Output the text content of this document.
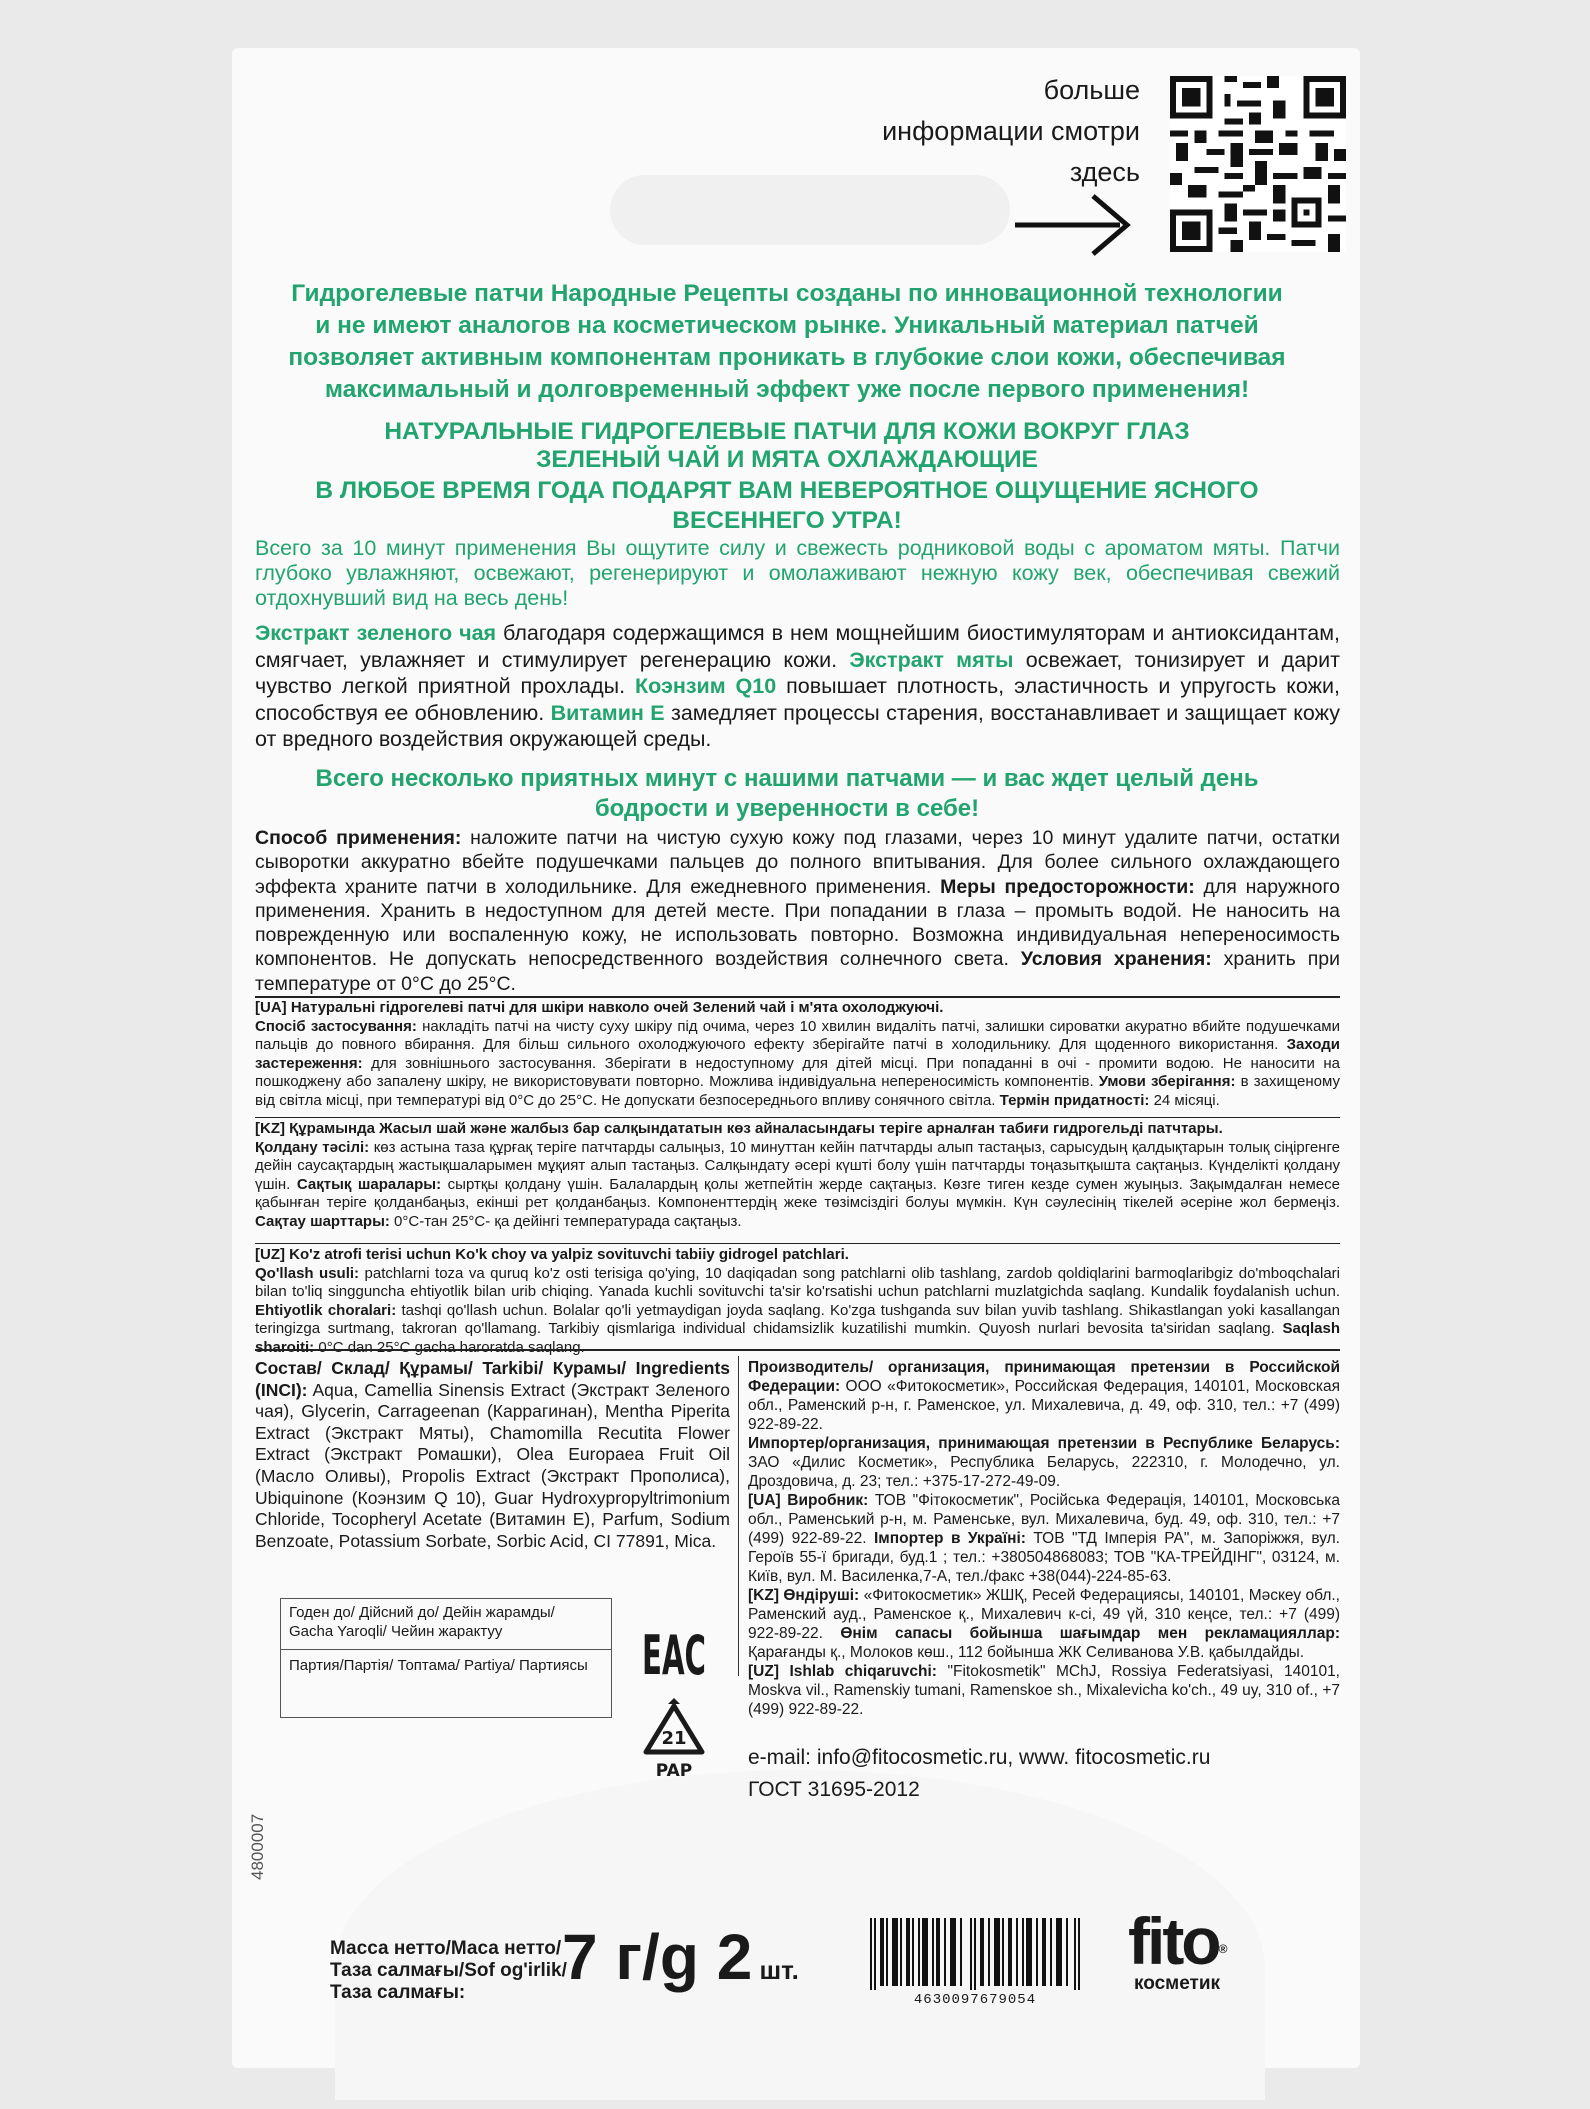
больше
информации смотри
здесь
Гидрогелевые патчи Народные Рецепты созданы по инновационной технологии
и не имеют аналогов на косметическом рынке. Уникальный материал патчей
позволяет активным компонентам проникать в глубокие слои кожи, обеспечивая
максимальный и долговременный эффект уже после первого применения!
НАТУРАЛЬНЫЕ ГИДРОГЕЛЕВЫЕ ПАТЧИ ДЛЯ КОЖИ ВОКРУГ ГЛАЗ
ЗЕЛЕНЫЙ ЧАЙ И МЯТА ОХЛАЖДАЮЩИЕ
В ЛЮБОЕ ВРЕМЯ ГОДА ПОДАРЯТ ВАМ НЕВЕРОЯТНОЕ ОЩУЩЕНИЕ ЯСНОГО
ВЕСЕННЕГО УТРА!
Всего за 10 минут применения Вы ощутите силу и свежесть родниковой воды с ароматом мяты. Патчи глубоко увлажняют, освежают, регенерируют и омолаживают нежную кожу век, обеспечивая свежий отдохнувший вид на весь день!
Экстракт зеленого чая благодаря содержащимся в нем мощнейшим биостимуляторам и антиоксидантам, смягчает, увлажняет и стимулирует регенерацию кожи. Экстракт мяты освежает, тонизирует и дарит чувство легкой приятной прохлады. Коэнзим Q10 повышает плотность, эластичность и упругость кожи, способствуя ее обновлению. Витамин Е замедляет процессы старения, восстанавливает и защищает кожу от вредного воздействия окружающей среды.
Всего несколько приятных минут с нашими патчами — и вас ждет целый день
бодрости и уверенности в себе!
Способ применения: наложите патчи на чистую сухую кожу под глазами, через 10 минут удалите патчи, остатки сыворотки аккуратно вбейте подушечками пальцев до полного впитывания. Для более сильного охлаждающего эффекта храните патчи в холодильнике. Для ежедневного применения. Меры предосторожности: для наружного применения. Хранить в недоступном для детей месте. При попадании в глаза – промыть водой. Не наносить на поврежденную или воспаленную кожу, не использовать повторно. Возможна индивидуальная непереносимость компонентов. Не допускать непосредственного воздействия солнечного света. Условия хранения: хранить при температуре от 0°С до 25°С.
[UA] Натуральні гідрогелеві патчі для шкіри навколо очей Зелений чай і м'ята охолоджуючі.
Спосіб застосування: накладіть патчі на чисту суху шкіру під очима, через 10 хвилин видаліть патчі, залишки сироватки акуратно вбийте подушечками пальців до повного вбирання. Для більш сильного охолоджуючого ефекту зберігайте патчі в холодильнику. Для щоденного використання. Заходи застереження: для зовнішнього застосування. Зберігати в недоступному для дітей місці. При попаданні в очі - промити водою. Не наносити на пошкоджену або запалену шкіру, не використовувати повторно. Можлива індивідуальна непереносимість компонентів. Умови зберігання: в захищеному від світла місці, при температурі від 0°С до 25°С. Не допускати безпосереднього впливу сонячного світла. Термін придатності: 24 місяці.
[KZ] Құрамында Жасыл шай және жалбыз бар салқындататын көз айналасындағы теріге арналған табиғи гидрогельді патчтары.
Қолдану тәсілі: көз астына таза құрғақ теріге патчтарды салыңыз, 10 минуттан кейін патчтарды алып тастаңыз, сарысудың қалдықтарын толық сіңіргенге дейін саусақтардың жастықшаларымен мұқият алып тастаңыз. Салқындату әсері күшті болу үшін патчтарды тоңазытқышта сақтаңыз. Күнделікті қолдану үшін. Сақтық шаралары: сыртқы қолдану үшін. Балалардың қолы жетпейтін жерде сақтаңыз. Көзге тиген кезде сумен жуыңыз. Зақымдалған немесе қабынған теріге қолданбаңыз, екінші рет қолданбаңыз. Компоненттердің жеке төзімсіздігі болуы мүмкін. Күн сәулесінің тікелей әсеріне жол бермеңіз. Сақтау шарттары: 0°С-тан 25°С- қа дейінгі температурада сақтаңыз.
[UZ] Ko'z atrofi terisi uchun Ko'k choy va yalpiz sovituvchi tabiiy gidrogel patchlari.
Qo'llash usuli: patchlarni toza va quruq ko'z osti terisiga qo'ying, 10 daqiqadan song patchlarni olib tashlang, zardob qoldiqlarini barmoqlaribgiz do'mboqchalari bilan to'liq singguncha ehtiyotlik bilan urib chiqing. Yanada kuchli sovituvchi ta'sir ko'rsatishi uchun patchlarni muzlatgichda saqlang. Kundalik foydalanish uchun. Ehtiyotlik choralari: tashqi qo'llash uchun. Bolalar qo'li yetmaydigan joyda saqlang. Ko'zga tushganda suv bilan yuvib tashlang. Shikastlangan yoki kasallangan teringizga surtmang, takroran qo'llamang. Tarkibiy qismlariga individual chidamsizlik kuzatilishi mumkin. Quyosh nurlari bevosita ta'siridan saqlang. Saqlash sharoiti: 0°C dan 25°C gacha haroratda saqlang.
Состав/ Склад/ Құрамы/ Tarkibi/ Курамы/ Ingredients (INCI): Aqua, Camellia Sinensis Extract (Экстракт Зеленого чая), Glycerin, Carrageenan (Каррагинан), Mentha Piperita Extract (Экстракт Мяты), Chamomilla Recutita Flower Extract (Экстракт Ромашки), Olea Europaea Fruit Oil (Масло Оливы), Propolis Extract (Экстракт Прополиса), Ubiquinone (Коэнзим Q 10), Guar Hydroxypropyltrimonium Chloride, Tocopheryl Acetate (Витамин Е), Parfum, Sodium Benzoate, Potassium Sorbate, Sorbic Acid, CI 77891, Mica.
Производитель/ организация, принимающая претензии в Российской Федерации: ООО «Фитокосметик», Российская Федерация, 140101, Московская обл., Раменский р-н, г. Раменское, ул. Михалевича, д. 49, оф. 310, тел.: +7 (499) 922-89-22.
Импортер/организация, принимающая претензии в Республике Беларусь: ЗАО «Дилис Косметик», Республика Беларусь, 222310, г. Молодечно, ул. Дроздовича, д. 23; тел.: +375-17-272-49-09.
[UA] Виробник: ТОВ "Фітокосметик", Російська Федерація, 140101, Московська обл., Раменський р-н, м. Раменське, вул. Михалевича, буд. 49, оф. 310, тел.: +7 (499) 922-89-22. Імпортер в Україні: ТОВ "ТД Імперія РА", м. Запоріжжя, вул. Героїв 55-ї бригади, буд.1 ; тел.: +380504868083; ТОВ "КА-ТРЕЙДІНГ", 03124, м. Київ, вул. М. Василенка,7-А, тел./факс +38(044)-224-85-63.
[KZ] Өндіруші: «Фитокосметик» ЖШҚ, Ресей Федерациясы, 140101, Мәскеу обл., Раменский ауд., Раменское қ., Михалевич к-сі, 49 үй, 310 кеңсе, тел.: +7 (499) 922-89-22. Өнім сапасы бойынша шағымдар мен рекламацияллар: Қарағанды қ., Молоков көш., 112 бойынша ЖК Селиванова У.В. қабылдайды.
[UZ] Ishlab chiqaruvchi: "Fitokosmetik" MChJ, Rossiya Federatsiyasi, 140101, Moskva vil., Ramenskiy tumani, Ramenskoe sh., Mixalevicha ko'ch., 49 uy, 310 of., +7 (499) 922-89-22.
Годен до/ Дійсний до/ Дейін жарамды/ Gacha Yaroqli/ Чейин жарактуу
Партия/Партія/ Топтама/ Partiya/ Партиясы	EAC
21
PAP
e-mail: info@fitocosmetic.ru, www. fitocosmetic.ru
ГОСТ 31695-2012
4800007
Масса нетто/Маса нетто/
Таза салмағы/Sof og'irlik/
Таза салмағы:	7 г/g 2 шт.
4630097679054
fito®
косметик
